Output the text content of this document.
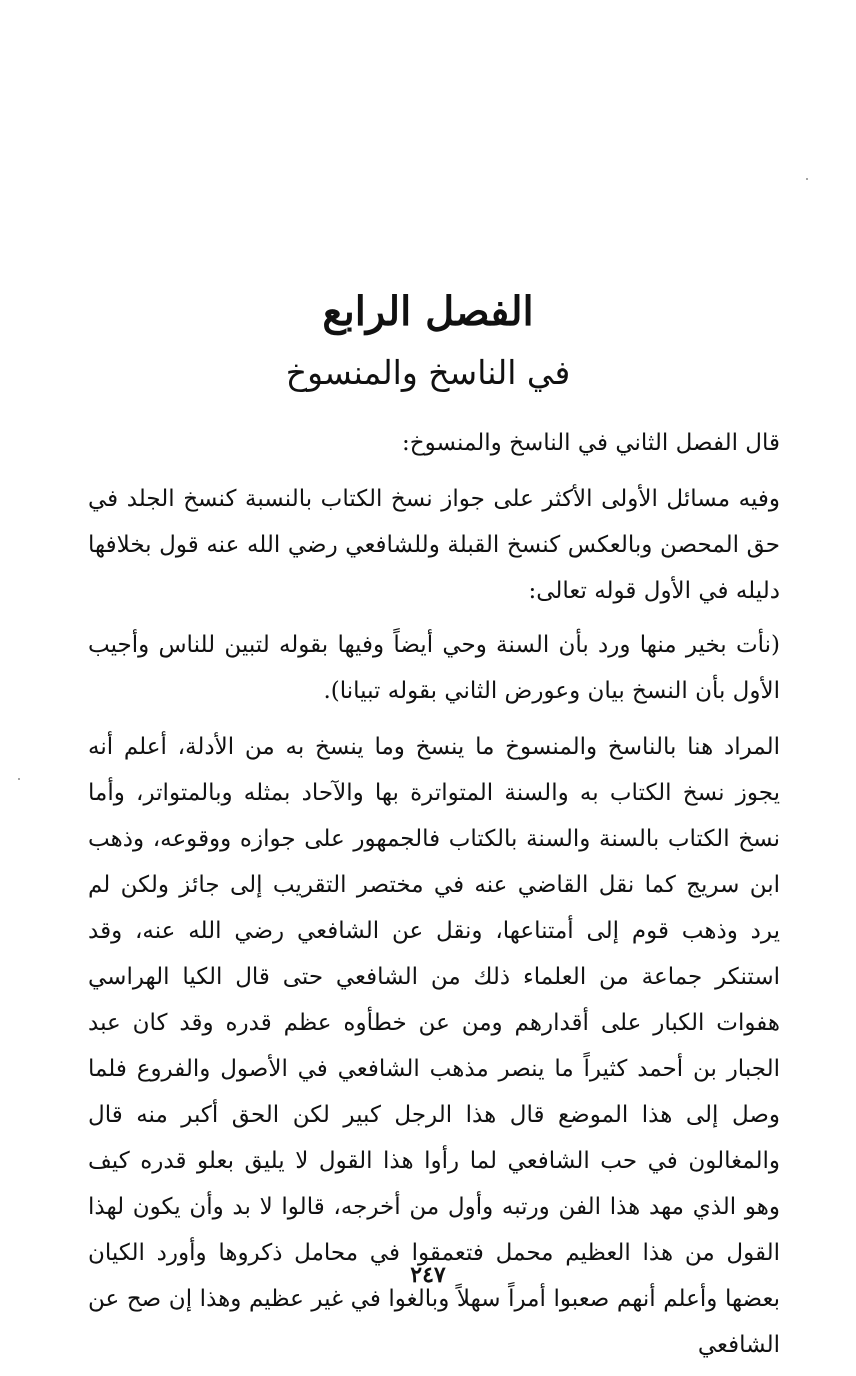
الفصل الرابع
في الناسخ والمنسوخ

قال الفصل الثاني في الناسخ والمنسوخ:

وفيه مسائل الأولى الأكثر على جواز نسخ الكتاب بالنسبة كنسخ الجلد في حق المحصن وبالعكس كنسخ القبلة وللشافعي رضي الله عنه قول بخلافها دليله في الأول قوله تعالى:

(نأت بخير منها ورد بأن السنة وحي أيضاً وفيها بقوله لتبين للناس وأجيب الأول بأن النسخ بيان وعورض الثاني بقوله تبيانا).

المراد هنا بالناسخ والمنسوخ ما ينسخ وما ينسخ به من الأدلة، أعلم أنه يجوز نسخ الكتاب به والسنة المتواترة بها والآحاد بمثله وبالمتواتر، وأما نسخ الكتاب بالسنة والسنة بالكتاب فالجمهور على جوازه ووقوعه، وذهب ابن سريج كما نقل القاضي عنه في مختصر التقريب إلى جائز ولكن لم يرد وذهب قوم إلى أمتناعها، ونقل عن الشافعي رضي الله عنه، وقد استنكر جماعة من العلماء ذلك من الشافعي حتى قال الكيا الهراسي هفوات الكبار على أقدارهم ومن عن خطأوه عظم قدره وقد كان عبد الجبار بن أحمد كثيراً ما ينصر مذهب الشافعي في الأصول والفروع فلما وصل إلى هذا الموضع قال هذا الرجل كبير لكن الحق أكبر منه قال والمغالون في حب الشافعي لما رأوا هذا القول لا يليق بعلو قدره كيف وهو الذي مهد هذا الفن ورتبه وأول من أخرجه، قالوا لا بد وأن يكون لهذا القول من هذا العظيم محمل فتعمقوا في محامل ذكروها وأورد الكيان بعضها وأعلم أنهم صعبوا أمراً سهلاً وبالغوا في غير عظيم وهذا إن صح عن الشافعي

٢٤٧
